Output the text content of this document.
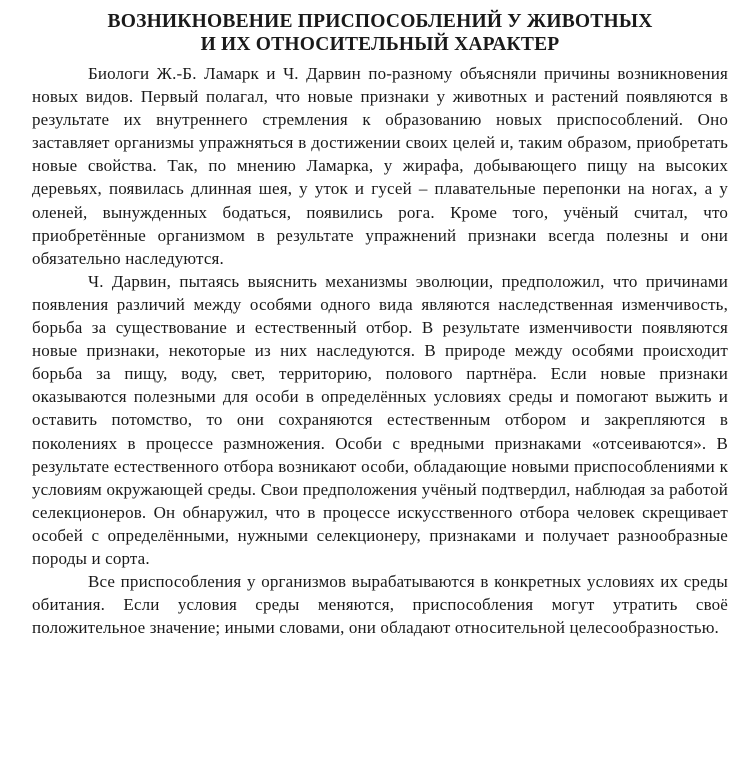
ВОЗНИКНОВЕНИЕ ПРИСПОСОБЛЕНИЙ У ЖИВОТНЫХ
И ИХ ОТНОСИТЕЛЬНЫЙ ХАРАКТЕР

Биологи Ж.-Б. Ламарк и Ч. Дарвин по-разному объясняли причины возникновения новых видов. Первый полагал, что новые признаки у животных и растений появляются в результате их внутреннего стремления к образованию новых приспособлений. Оно заставляет организмы упражняться в достижении своих целей и, таким образом, приобретать новые свойства. Так, по мнению Ламарка, у жирафа, добывающего пищу на высоких деревьях, появилась длинная шея, у уток и гусей – плавательные перепонки на ногах, а у оленей, вынужденных бодаться, появились рога. Кроме того, учёный считал, что приобретённые организмом в результате упражнений признаки всегда полезны и они обязательно наследуются.

Ч. Дарвин, пытаясь выяснить механизмы эволюции, предположил, что причинами появления различий между особями одного вида являются наследственная изменчивость, борьба за существование и естественный отбор. В результате изменчивости появляются новые признаки, некоторые из них наследуются. В природе между особями происходит борьба за пищу, воду, свет, территорию, полового партнёра. Если новые признаки оказываются полезными для особи в определённых условиях среды и помогают выжить и оставить потомство, то они сохраняются естественным отбором и закрепляются в поколениях в процессе размножения. Особи с вредными признаками «отсеиваются». В результате естественного отбора возникают особи, обладающие новыми приспособлениями к условиям окружающей среды. Свои предположения учёный подтвердил, наблюдая за работой селекционеров. Он обнаружил, что в процессе искусственного отбора человек скрещивает особей с определёнными, нужными селекционеру, признаками и получает разнообразные породы и сорта.

Все приспособления у организмов вырабатываются в конкретных условиях их среды обитания. Если условия среды меняются, приспособления могут утратить своё положительное значение; иными словами, они обладают относительной целесообразностью.
